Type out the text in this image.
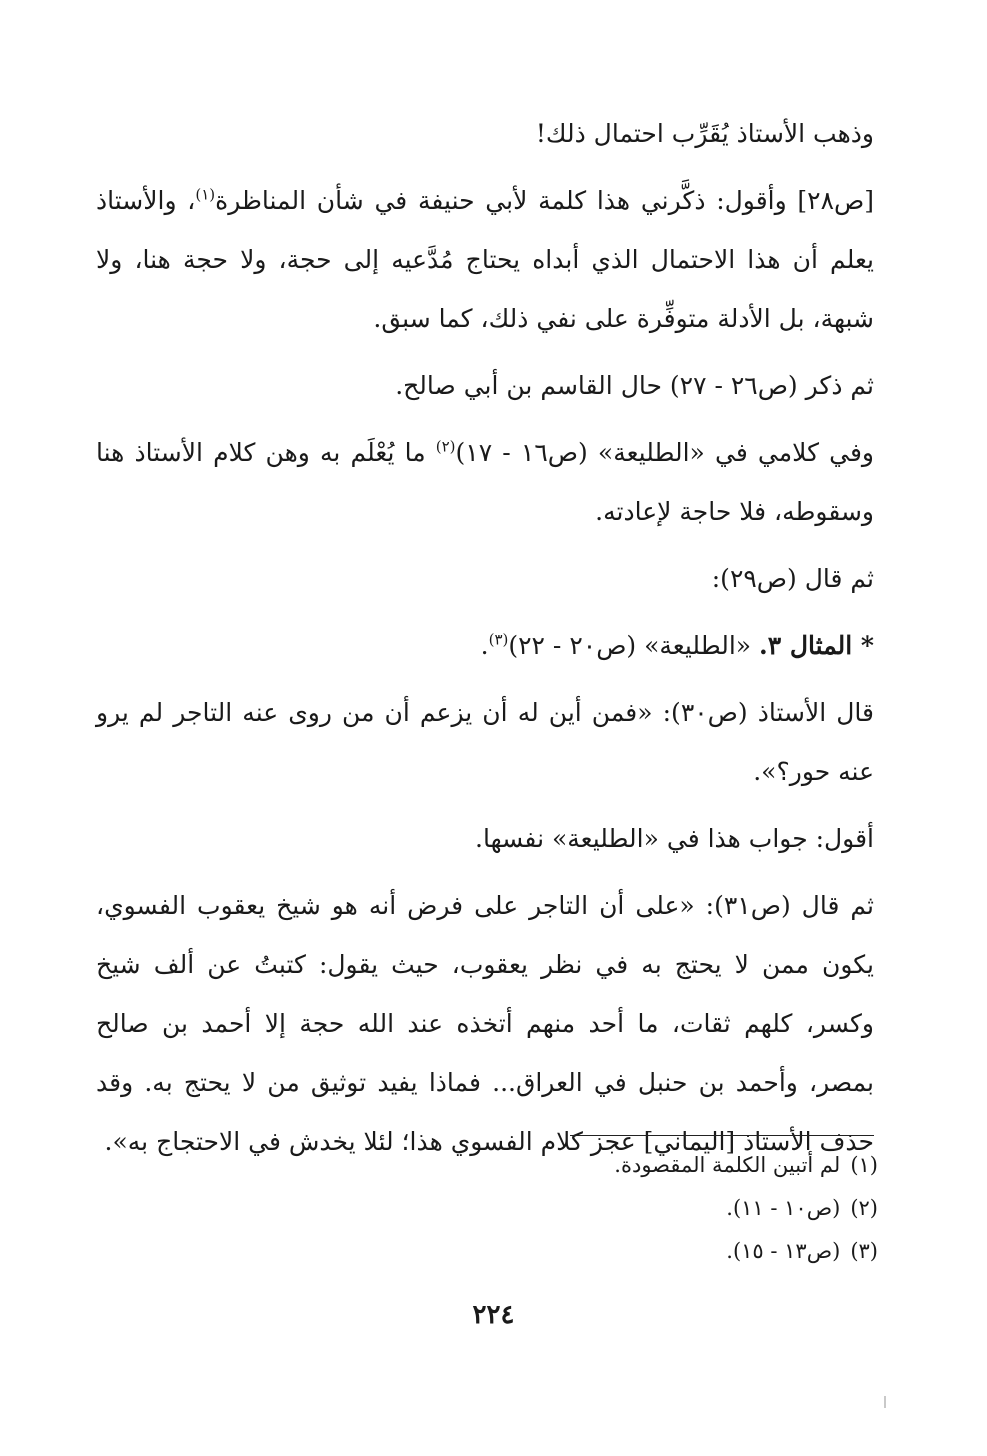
وذهب الأستاذ يُقَرِّب احتمال ذلك!

[ص٢٨] وأقول: ذكَّرني هذا كلمة لأبي حنيفة في شأن المناظرة$^{(١)}$، والأستاذ يعلم أن هذا الاحتمال الذي أبداه يحتاج مُدَّعيه إلى حجة، ولا حجة هنا، ولا شبهة، بل الأدلة متوفِّرة على نفي ذلك، كما سبق.

ثم ذكر (ص٢٦ - ٢٧) حال القاسم بن أبي صالح.

وفي كلامي في «الطليعة» (ص١٦ - ١٧)$^{(٢)}$ ما يُعْلَم به وهن كلام الأستاذ هنا وسقوطه، فلا حاجة لإعادته.

ثم قال (ص٢٩):

* المثال ٣. «الطليعة» (ص٢٠ - ٢٢)$^{(٣)}$.

قال الأستاذ (ص٣٠): «فمن أين له أن يزعم أن من روى عنه التاجر لم يرو عنه حور؟».

أقول: جواب هذا في «الطليعة» نفسها.

ثم قال (ص٣١): «على أن التاجر على فرض أنه هو شيخ يعقوب الفسوي، يكون ممن لا يحتج به في نظر يعقوب، حيث يقول: كتبتُ عن ألف شيخ وكسر، كلهم ثقات، ما أحد منهم أتخذه عند الله حجة إلا أحمد بن صالح بمصر، وأحمد بن حنبل في العراق... فماذا يفيد توثيق من لا يحتج به. وقد حذف الأستاذ [اليماني] عجز كلام الفسوي هذا؛ لئلا يخدش في الاحتجاج به».

(١)لم أتبين الكلمة المقصودة.

(٢)(ص١٠ - ١١).

(٣)(ص١٣ - ١٥).

٢٢٤
